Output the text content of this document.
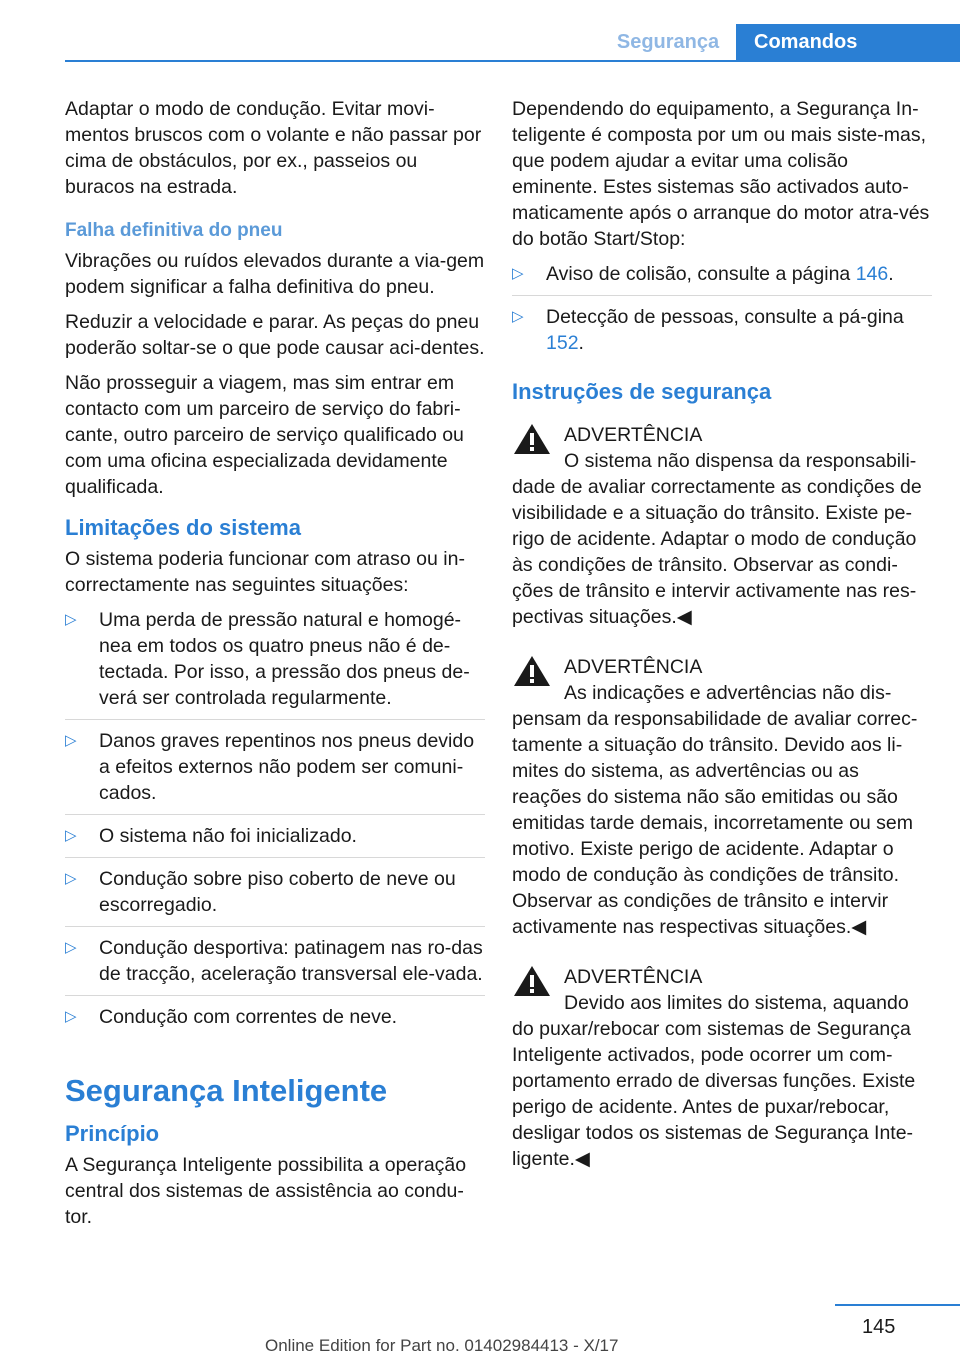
Segurança	Comandos

Adaptar o modo de condução. Evitar movi-mentos bruscos com o volante e não passar por cima de obstáculos, por ex., passeios ou buracos na estrada.

Falha definitiva do pneu

Vibrações ou ruídos elevados durante a via-gem podem significar a falha definitiva do pneu.

Reduzir a velocidade e parar. As peças do pneu poderão soltar-se o que pode causar aci-dentes.

Não prosseguir a viagem, mas sim entrar em contacto com um parceiro de serviço do fabri-cante, outro parceiro de serviço qualificado ou com uma oficina especializada devidamente qualificada.

Limitações do sistema

O sistema poderia funcionar com atraso ou in-correctamente nas seguintes situações:

▷ Uma perda de pressão natural e homogé-nea em todos os quatro pneus não é de-tectada. Por isso, a pressão dos pneus de-verá ser controlada regularmente.
▷ Danos graves repentinos nos pneus devido a efeitos externos não podem ser comuni-cados.
▷ O sistema não foi inicializado.
▷ Condução sobre piso coberto de neve ou escorregadio.
▷ Condução desportiva: patinagem nas ro-das de tracção, aceleração transversal ele-vada.
▷ Condução com correntes de neve.
Segurança Inteligente
Princípio

A Segurança Inteligente possibilita a operação central dos sistemas de assistência ao condu-tor.

Dependendo do equipamento, a Segurança In-teligente é composta por um ou mais siste-mas, que podem ajudar a evitar uma colisão eminente. Estes sistemas são activados auto-maticamente após o arranque do motor atra-vés do botão Start/Stop:

▷ Aviso de colisão, consulte a página 146.
▷ Detecção de pessoas, consulte a pá-gina 152.
Instruções de segurança
ADVERTÊNCIA
O sistema não dispensa da responsabili-dade de avaliar correctamente as condições de visibilidade e a situação do trânsito. Existe pe-rigo de acidente. Adaptar o modo de condução às condições de trânsito. Observar as condi-ções de trânsito e intervir activamente nas res-pectivas situações.◀
ADVERTÊNCIA
As indicações e advertências não dis-pensam da responsabilidade de avaliar correc-tamente a situação do trânsito. Devido aos li-mites do sistema, as advertências ou as reações do sistema não são emitidas ou são emitidas tarde demais, incorretamente ou sem motivo. Existe perigo de acidente. Adaptar o modo de condução às condições de trânsito. Observar as condições de trânsito e intervir activamente nas respectivas situações.◀
ADVERTÊNCIA
Devido aos limites do sistema, aquando do puxar/rebocar com sistemas de Segurança Inteligente activados, pode ocorrer um com-portamento errado de diversas funções. Existe perigo de acidente. Antes de puxar/rebocar, desligar todos os sistemas de Segurança Inte-ligente.◀
145
Online Edition for Part no. 01402984413 - X/17
